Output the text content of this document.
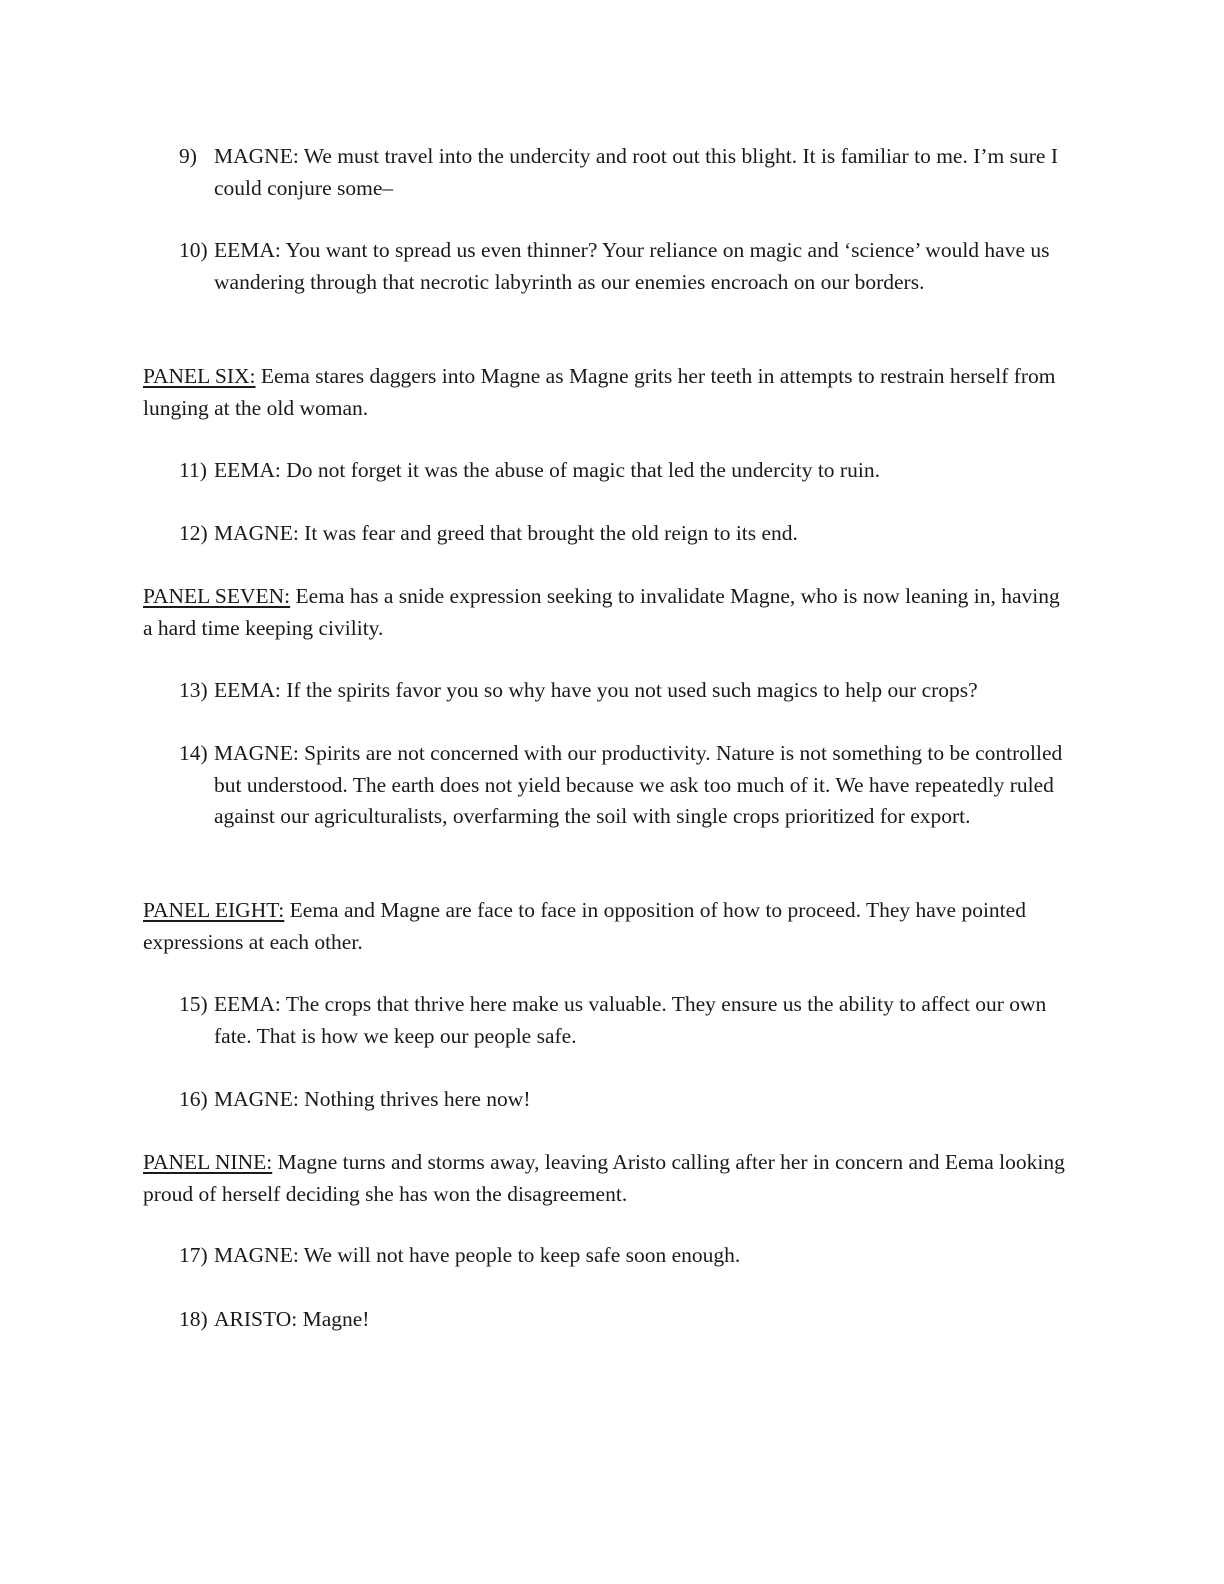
9) MAGNE: We must travel into the undercity and root out this blight. It is familiar to me. I’m sure I could conjure some–
10) EEMA: You want to spread us even thinner? Your reliance on magic and ‘science’ would have us wandering through that necrotic labyrinth as our enemies encroach on our borders.
PANEL SIX: Eema stares daggers into Magne as Magne grits her teeth in attempts to restrain herself from lunging at the old woman.
11) EEMA: Do not forget it was the abuse of magic that led the undercity to ruin.
12) MAGNE: It was fear and greed that brought the old reign to its end.
PANEL SEVEN: Eema has a snide expression seeking to invalidate Magne, who is now leaning in, having a hard time keeping civility.
13) EEMA: If the spirits favor you so why have you not used such magics to help our crops?
14) MAGNE: Spirits are not concerned with our productivity. Nature is not something to be controlled but understood. The earth does not yield because we ask too much of it. We have repeatedly ruled against our agriculturalists, overfarming the soil with single crops prioritized for export.
PANEL EIGHT: Eema and Magne are face to face in opposition of how to proceed. They have pointed expressions at each other.
15) EEMA: The crops that thrive here make us valuable. They ensure us the ability to affect our own fate. That is how we keep our people safe.
16) MAGNE: Nothing thrives here now!
PANEL NINE: Magne turns and storms away, leaving Aristo calling after her in concern and Eema looking proud of herself deciding she has won the disagreement.
17) MAGNE: We will not have people to keep safe soon enough.
18) ARISTO: Magne!
